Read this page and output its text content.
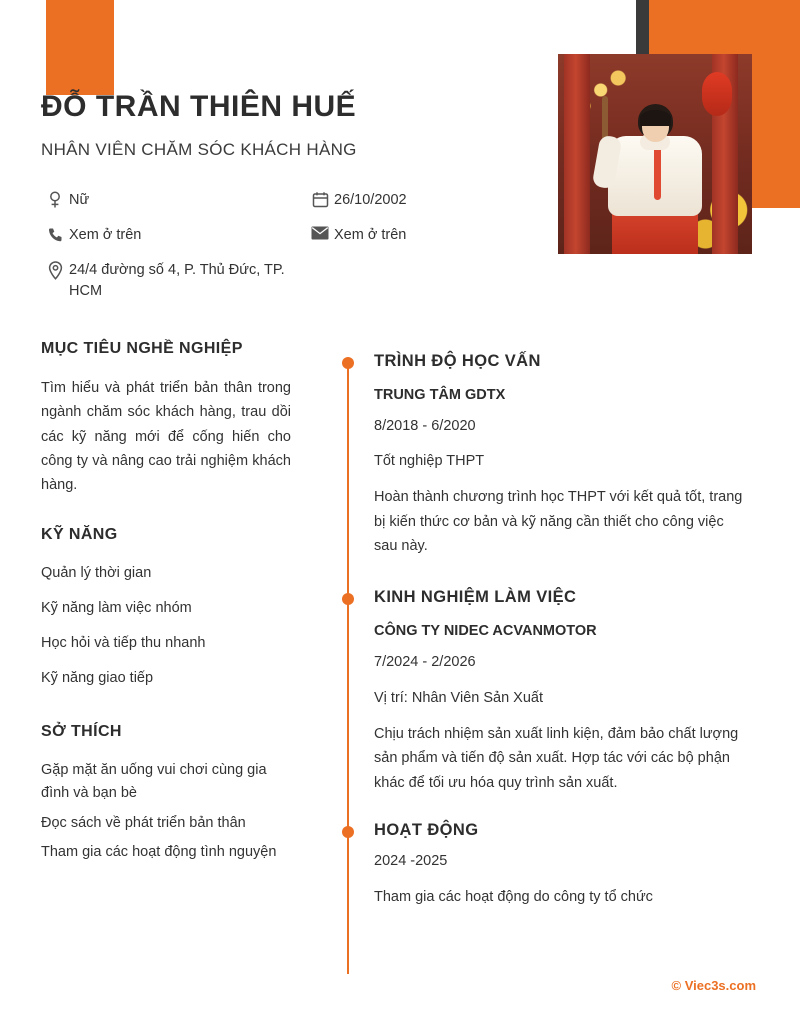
ĐỖ TRẦN THIÊN HUẾ
NHÂN VIÊN CHĂM SÓC KHÁCH HÀNG
Nữ	26/10/2002
Xem ở trên	Xem ở trên
24/4 đường số 4, P. Thủ Đức, TP. HCM
MỤC TIÊU NGHỀ NGHIỆP
Tìm hiểu và phát triển bản thân trong ngành chăm sóc khách hàng, trau dồi các kỹ năng mới để cống hiến cho công ty và nâng cao trải nghiệm khách hàng.
KỸ NĂNG
Quản lý thời gian
Kỹ năng làm việc nhóm
Học hỏi và tiếp thu nhanh
Kỹ năng giao tiếp
SỞ THÍCH
Gặp mặt ăn uống vui chơi cùng gia đình và bạn bè
Đọc sách về phát triển bản thân
Tham gia các hoạt động tình nguyện
TRÌNH ĐỘ HỌC VẤN
TRUNG TÂM GDTX
8/2018 - 6/2020
Tốt nghiệp THPT
Hoàn thành chương trình học THPT với kết quả tốt, trang bị kiến thức cơ bản và kỹ năng cần thiết cho công việc sau này.
KINH NGHIỆM LÀM VIỆC
CÔNG TY NIDEC ACVANMOTOR
7/2024 - 2/2026
Vị trí: Nhân Viên Sản Xuất
Chịu trách nhiệm sản xuất linh kiện, đảm bảo chất lượng sản phẩm và tiến độ sản xuất. Hợp tác với các bộ phận khác để tối ưu hóa quy trình sản xuất.
HOẠT ĐỘNG
2024 -2025
Tham gia các hoạt động do công ty tổ chức
© Viec3s.com
